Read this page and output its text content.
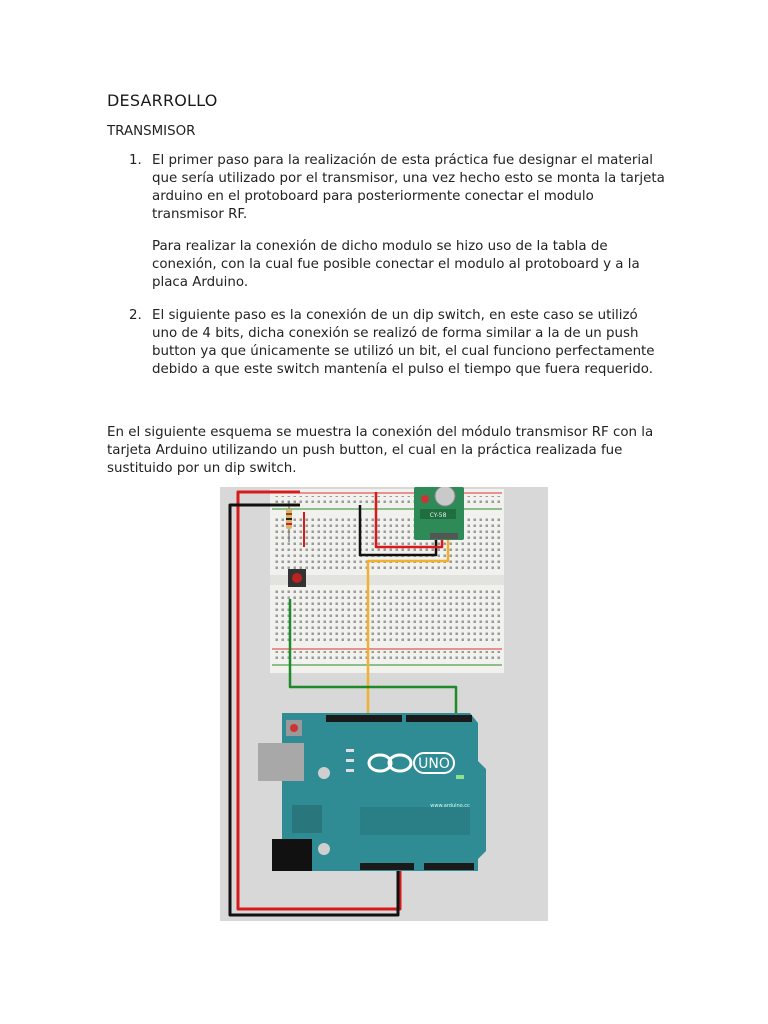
DESARROLLO

TRANSMISOR

1. El primer paso para la realización de esta práctica fue designar el material que sería utilizado por el transmisor, una vez hecho esto se monta la tarjeta arduino en el protoboard para posteriormente conectar el modulo transmisor RF.
Para realizar la conexión de dicho modulo se hizo uso de la tabla de conexión, con la cual fue posible conectar el modulo al protoboard y a la placa Arduino.
2. El siguiente paso es la conexión de un dip switch, en este caso se utilizó uno de 4 bits, dicha conexión se realizó de forma similar a la de un push button ya que únicamente se utilizó un bit, el cual funciono perfectamente debido a que este switch mantenía el pulso el tiempo que fuera requerido.
En el siguiente esquema se muestra la conexión del módulo transmisor RF con la tarjeta Arduino utilizando un push button, el cual en la práctica realizada fue sustituido por un dip switch.
CY-58
UNO
www.arduino.cc
